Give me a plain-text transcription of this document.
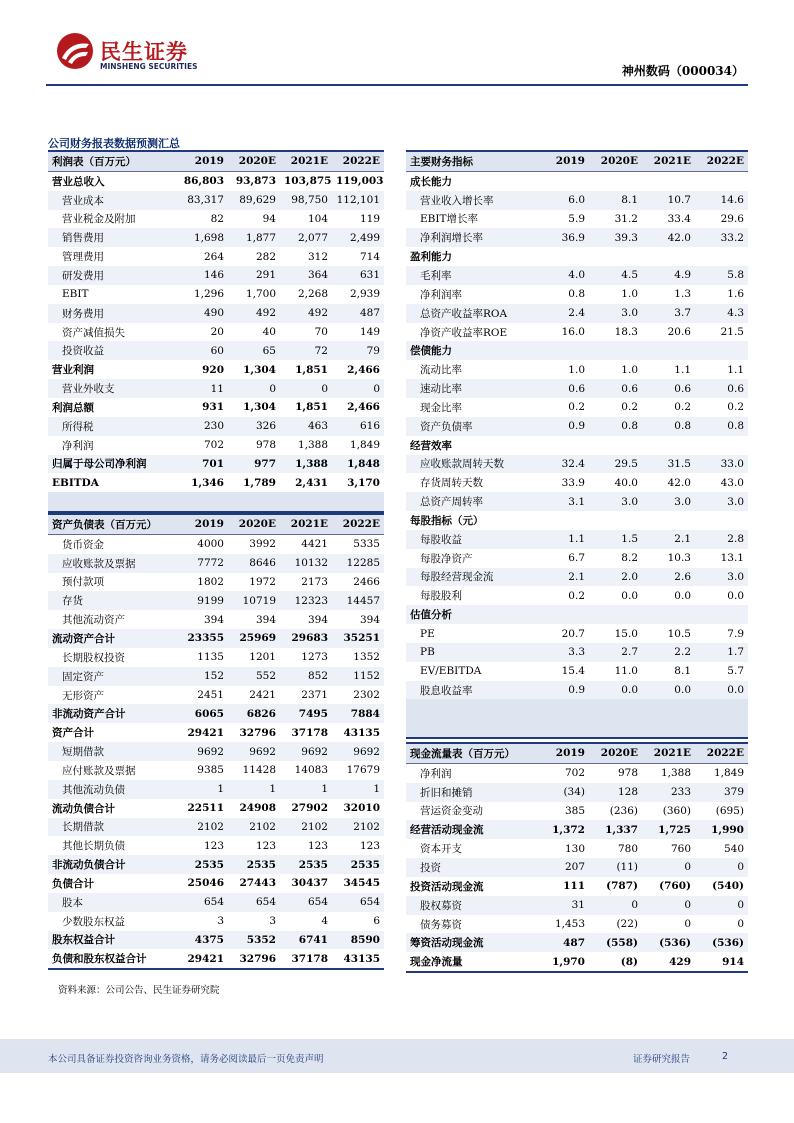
民生证券
MINSHENG SECURITIES	神州数码（000034）
公司财务报表数据预测汇总
利润表（百万元）	2019	2020E	2021E	2022E
营业总收入	86,803	93,873	103,875	119,003
营业成本	83,317	89,629	98,750	112,101
营业税金及附加	82	94	104	119
销售费用	1,698	1,877	2,077	2,499
管理费用	264	282	312	714
研发费用	146	291	364	631
EBIT	1,296	1,700	2,268	2,939
财务费用	490	492	492	487
资产减值损失	20	40	70	149
投资收益	60	65	72	79
营业利润	920	1,304	1,851	2,466
营业外收支	11	0	0	0
利润总额	931	1,304	1,851	2,466
所得税	230	326	463	616
净利润	702	978	1,388	1,849
归属于母公司净利润	701	977	1,388	1,848
EBITDA	1,346	1,789	2,431	3,170

资产负债表（百万元）	2019	2020E	2021E	2022E
货币资金	4000	3992	4421	5335
应收账款及票据	7772	8646	10132	12285
预付款项	1802	1972	2173	2466
存货	9199	10719	12323	14457
其他流动资产	394	394	394	394
流动资产合计	23355	25969	29683	35251
长期股权投资	1135	1201	1273	1352
固定资产	152	552	852	1152
无形资产	2451	2421	2371	2302
非流动资产合计	6065	6826	7495	7884
资产合计	29421	32796	37178	43135
短期借款	9692	9692	9692	9692
应付账款及票据	9385	11428	14083	17679
其他流动负债	1	1	1	1
流动负债合计	22511	24908	27902	32010
长期借款	2102	2102	2102	2102
其他长期负债	123	123	123	123
非流动负债合计	2535	2535	2535	2535
负债合计	25046	27443	30437	34545
股本	654	654	654	654
少数股东权益	3	3	4	6
股东权益合计	4375	5352	6741	8590
负债和股东权益合计	29421	32796	37178	43135
主要财务指标	2019	2020E	2021E	2022E
成长能力				
营业收入增长率	6.0	8.1	10.7	14.6
EBIT增长率	5.9	31.2	33.4	29.6
净利润增长率	36.9	39.3	42.0	33.2
盈利能力				
毛利率	4.0	4.5	4.9	5.8
净利润率	0.8	1.0	1.3	1.6
总资产收益率ROA	2.4	3.0	3.7	4.3
净资产收益率ROE	16.0	18.3	20.6	21.5
偿债能力				
流动比率	1.0	1.0	1.1	1.1
速动比率	0.6	0.6	0.6	0.6
现金比率	0.2	0.2	0.2	0.2
资产负债率	0.9	0.8	0.8	0.8
经营效率				
应收账款周转天数	32.4	29.5	31.5	33.0
存货周转天数	33.9	40.0	42.0	43.0
总资产周转率	3.1	3.0	3.0	3.0
每股指标（元）				
每股收益	1.1	1.5	2.1	2.8
每股净资产	6.7	8.2	10.3	13.1
每股经营现金流	2.1	2.0	2.6	3.0
每股股利	0.2	0.0	0.0	0.0
估值分析				
PE	20.7	15.0	10.5	7.9
PB	3.3	2.7	2.2	1.7
EV/EBITDA	15.4	11.0	8.1	5.7
股息收益率	0.9	0.0	0.0	0.0

现金流量表（百万元）	2019	2020E	2021E	2022E
净利润	702	978	1,388	1,849
折旧和摊销	(34)	128	233	379
营运资金变动	385	(236)	(360)	(695)
经营活动现金流	1,372	1,337	1,725	1,990
资本开支	130	780	760	540
投资	207	(11)	0	0
投资活动现金流	111	(787)	(760)	(540)
股权募资	31	0	0	0
债务募资	1,453	(22)	0	0
筹资活动现金流	487	(558)	(536)	(536)
现金净流量	1,970	(8)	429	914
资料来源：公司公告、民生证券研究院
本公司具备证券投资咨询业务资格，请务必阅读最后一页免责声明	证券研究报告	2
